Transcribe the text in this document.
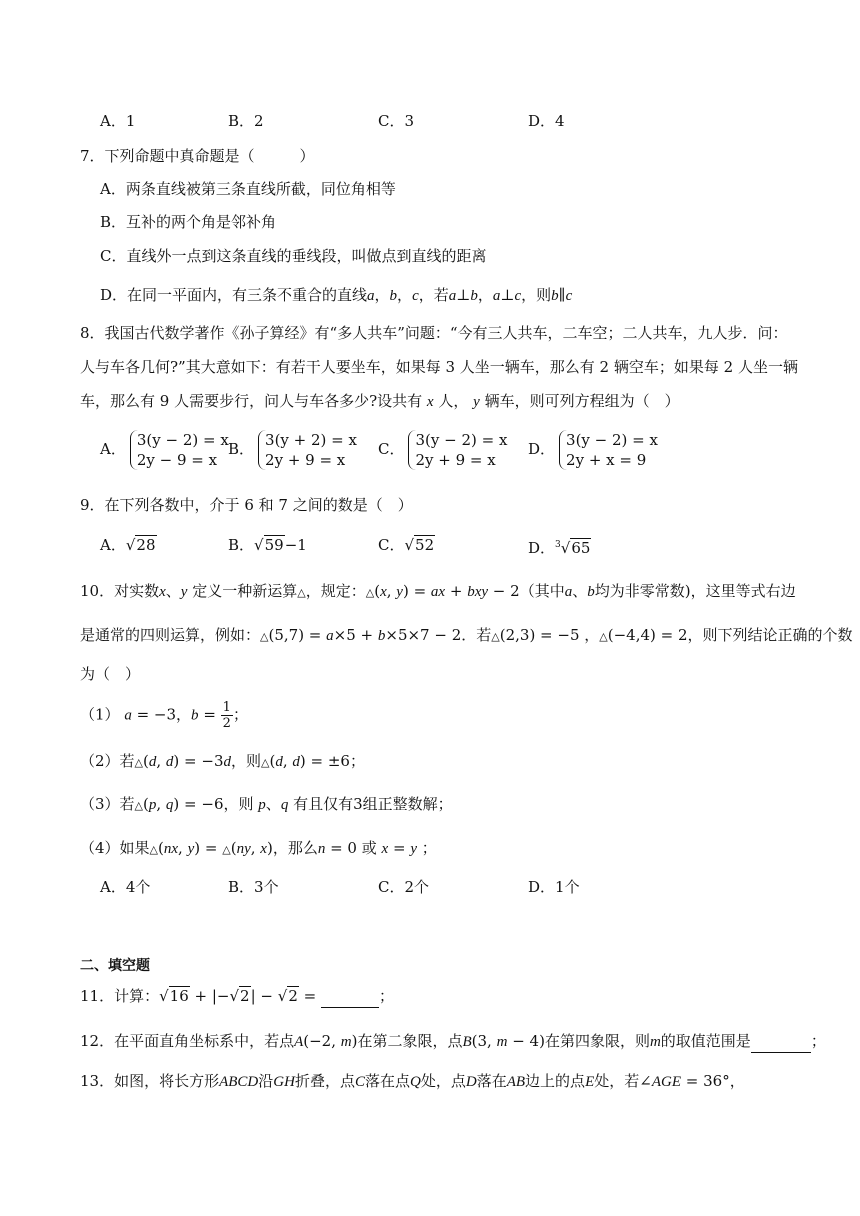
A．1	B．2	C．3	D．4
7．下列命题中真命题是（　　　）
A．两条直线被第三条直线所截，同位角相等
B．互补的两个角是邻补角
C．直线外一点到这条直线的垂线段，叫做点到直线的距离
D．在同一平面内，有三条不重合的直线a，b，c，若a⊥b，a⊥c，则b∥c
8．我国古代数学著作《孙子算经》有“多人共车”问题：“今有三人共车，二车空；二人共车，九人步．问：
人与车各几何?”其大意如下：有若干人要坐车，如果每 3 人坐一辆车，那么有 2 辆空车；如果每 2 人坐一辆
车，那么有 9 人需要步行，问人与车各多少?设共有 x 人， y 辆车，则可列方程组为（　）
A． 3(y − 2) = x
2y − 9 = x
B． 3(y + 2) = x
2y + 9 = x
C． 3(y − 2) = x
2y + 9 = x
D． 3(y − 2) = x
2y + x = 9
9．在下列各数中，介于 6 和 7 之间的数是（　）
A．√28	B．√59−1	C．√52	D．$^3$√65
10．对实数x、y 定义一种新运算△，规定：△(x, y) = ax + bxy − 2（其中a、b均为非零常数)，这里等式右边
是通常的四则运算，例如：△(5,7) = a×5 + b×5×7 − 2．若△(2,3) = −5 ，△(−4,4) = 2，则下列结论正确的个数
为（　）
（1） a = −3，$b = \frac{1}{2}$；
（2）若△(d, d) = −3d，则△(d, d) = ±6；
（3）若△(p, q) = −6，则 p、q 有且仅有3组正整数解；
（4）如果△(nx, y) = △(ny, x)，那么n = 0 或 x = y ；
A．4个	B．3个	C．2个	D．1个
二、填空题
11．计算：√16 + |−√2| − √2 =	；
12．在平面直角坐标系中，若点A(−2, m)在第二象限，点B(3, m − 4)在第四象限，则m的取值范围是	；
13．如图，将长方形ABCD沿GH折叠，点C落在点Q处，点D落在AB边上的点E处，若∠AGE = 36°，
